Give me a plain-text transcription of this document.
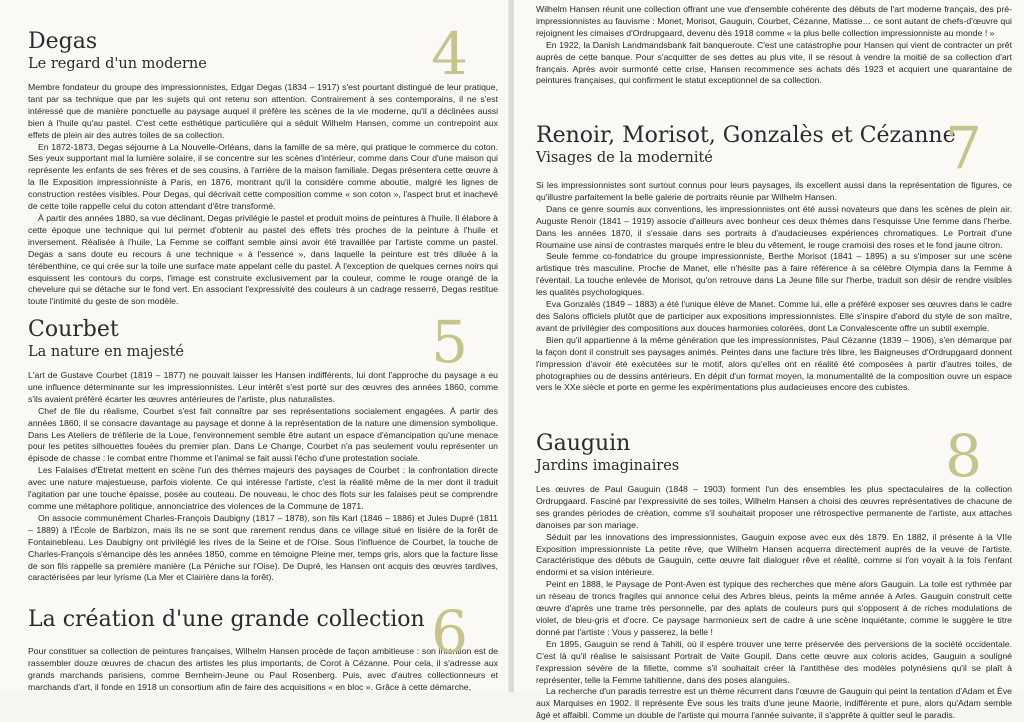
Degas
Le regard d'un moderne	4

Membre fondateur du groupe des impressionnistes, Edgar Degas (1834 – 1917) s'est pourtant distingué de leur pratique, tant par sa technique que par les sujets qui ont retenu son attention. Contrairement à ses contemporains, il ne s'est intéressé que de manière ponctuelle au paysage auquel il préfère les scènes de la vie moderne, qu'il a déclinées aussi bien à l'huile qu'au pastel. C'est cette esthétique particulière qui a séduit Wilhelm Hansen, comme un contrepoint aux effets de plein air des autres toiles de sa collection.

En 1872-1873, Degas séjourne à La Nouvelle-Orléans, dans la famille de sa mère, qui pratique le commerce du coton. Ses yeux supportant mal la lumière solaire, il se concentre sur les scènes d'intérieur, comme dans Cour d'une maison qui représente les enfants de ses frères et de ses cousins, à l'arrière de la maison familiale. Degas présentera cette œuvre à la IIe Exposition impressionniste à Paris, en 1876, montrant qu'il la considère comme aboutie, malgré les lignes de construction restées visibles. Pour Degas, qui décrivait cette composition comme « son coton », l'aspect brut et inachevé de cette toile rappelle celui du coton attendant d'être transformé.

À partir des années 1880, sa vue déclinant, Degas privilégie le pastel et produit moins de peintures à l'huile. Il élabore à cette époque une technique qui lui permet d'obtenir au pastel des effets très proches de la peinture à l'huile et inversement. Réalisée à l'huile, La Femme se coiffant semble ainsi avoir été travaillée par l'artiste comme un pastel. Degas a sans doute eu recours à une technique « à l'essence », dans laquelle la peinture est très diluée à la térébenthine, ce qui crée sur la toile une surface mate appelant celle du pastel. À l'exception de quelques cernes noirs qui esquissent les contours du corps, l'image est construite exclusivement par la couleur, comme le rouge orangé de la chevelure qui se détache sur le fond vert. En associant l'expressivité des couleurs à un cadrage resserré, Degas restitue toute l'intimité du geste de son modèle.

Courbet
La nature en majesté	5

L'art de Gustave Courbet (1819 – 1877) ne pouvait laisser les Hansen indifférents, lui dont l'approche du paysage a eu une influence déterminante sur les impressionnistes. Leur intérêt s'est porté sur des œuvres des années 1860, comme s'ils avaient préféré écarter les œuvres antérieures de l'artiste, plus naturalistes.

Chef de file du réalisme, Courbet s'est fait connaître par ses représentations socialement engagées. À partir des années 1860, il se consacre davantage au paysage et donne à la représentation de la nature une dimension symbolique. Dans Les Ateliers de tréfilerie de la Loue, l'environnement semble être autant un espace d'émancipation qu'une menace pour les petites silhouettes fouées du premier plan. Dans Le Change, Courbet n'a pas seulement voulu représenter un épisode de chasse : le combat entre l'homme et l'animal se fait aussi l'écho d'une protestation sociale.

Les Falaises d'Étretat mettent en scène l'un des thèmes majeurs des paysages de Courbet : la confrontation directe avec une nature majestueuse, parfois violente. Ce qui intéresse l'artiste, c'est la réalité même de la mer dont il traduit l'agitation par une touche épaisse, posée au couteau. De nouveau, le choc des flots sur les falaises peut se comprendre comme une métaphore politique, annonciatrice des violences de la Commune de 1871.

On associe communément Charles-François Daubigny (1817 – 1878), son fils Karl (1846 – 1886) et Jules Dupré (1811 – 1889) à l'École de Barbizon, mais ils ne se sont que rarement rendus dans ce village situé en lisière de la forêt de Fontainebleau. Les Daubigny ont privilégié les rives de la Seine et de l'Oise. Sous l'influence de Courbet, la touche de Charles-François s'émancipe dès les années 1850, comme en témoigne Pleine mer, temps gris, alors que la facture lisse de son fils rappelle sa première manière (La Péniche sur l'Oise). De Dupré, les Hansen ont acquis des œuvres tardives, caractérisées par leur lyrisme (La Mer et Clairière dans la forêt).

La création d'une grande collection 6

Pour constituer sa collection de peintures françaises, Wilhelm Hansen procède de façon ambitieuse : son intention est de rassembler douze œuvres de chacun des artistes les plus importants, de Corot à Cézanne. Pour cela, il s'adresse aux grands marchands parisiens, comme Bernheim-Jeune ou Paul Rosenberg. Puis, avec d'autres collectionneurs et marchands d'art, il fonde en 1918 un consortium afin de faire des acquisitions « en bloc ». Grâce à cette démarche,

Wilhelm Hansen réunit une collection offrant une vue d'ensemble cohérente des débuts de l'art moderne français, des pré-impressionnistes au fauvisme : Monet, Morisot, Gauguin, Courbet, Cézanne, Matisse… ce sont autant de chefs-d'œuvre qui rejoignent les cimaises d'Ordrupgaard, devenu dès 1918 comme « la plus belle collection impressionniste au monde ! »

En 1922, la Danish Landmandsbank fait banqueroute. C'est une catastrophe pour Hansen qui vient de contracter un prêt auprès de cette banque. Pour s'acquitter de ses dettes au plus vite, il se résout à vendre la moitié de sa collection d'art français. Après avoir surmonté cette crise, Hansen recommence ses achats dès 1923 et acquiert une quarantaine de peintures françaises, qui confirment le statut exceptionnel de sa collection.

Renoir, Morisot, Gonzalès et Cézanne
Visages de la modernité	7

Si les impressionnistes sont surtout connus pour leurs paysages, ils excellent aussi dans la représentation de figures, ce qu'illustre parfaitement la belle galerie de portraits réunie par Wilhelm Hansen.

Dans ce genre soumis aux conventions, les impressionnistes ont été aussi novateurs que dans les scènes de plein air. Auguste Renoir (1841 – 1919) associe d'ailleurs avec bonheur ces deux thèmes dans l'esquisse Une femme dans l'herbe. Dans les années 1870, il s'essaie dans ses portraits à d'audacieuses expériences chromatiques. Le Portrait d'une Roumaine use ainsi de contrastes marqués entre le bleu du vêtement, le rouge cramoisi des roses et le fond jaune citron.

Seule femme co-fondatrice du groupe impressionniste, Berthe Morisot (1841 – 1895) a su s'imposer sur une scène artistique très masculine. Proche de Manet, elle n'hésite pas à faire référence à sa célèbre Olympia dans la Femme à l'éventail. La touche enlevée de Morisot, qu'on retrouve dans La Jeune fille sur l'herbe, traduit son désir de rendre visibles les qualités psychologiques.

Eva Gonzalès (1849 – 1883) a été l'unique élève de Manet. Comme lui, elle a préféré exposer ses œuvres dans le cadre des Salons officiels plutôt que de participer aux expositions impressionnistes. Elle s'inspire d'abord du style de son maître, avant de privilégier des compositions aux douces harmonies colorées, dont La Convalescente offre un subtil exemple.

Bien qu'il appartienne à la même génération que les impressionnistes, Paul Cézanne (1839 – 1906), s'en démarque par la façon dont il construit ses paysages animés. Peintes dans une facture très libre, les Baigneuses d'Ordrupgaard donnent l'impression d'avoir été exécutées sur le motif, alors qu'elles ont en réalité été composées à partir d'autres toiles, de photographies ou de dessins antérieurs. En dépit d'un format moyen, la monumentalité de la composition ouvre un espace vers le XXe siècle et porte en germe les expérimentations plus audacieuses encore des cubistes.

Gauguin
Jardins imaginaires	8

Les œuvres de Paul Gauguin (1848 – 1903) forment l'un des ensembles les plus spectaculaires de la collection Ordrupgaard. Fasciné par l'expressivité de ses toiles, Wilhelm Hansen a choisi des œuvres représentatives de chacune de ses grandes périodes de création, comme s'il souhaitait proposer une rétrospective permanente de l'artiste, aux attaches danoises par son mariage.

Séduit par les innovations des impressionnistes, Gauguin expose avec eux dès 1879. En 1882, il présente à la VIIe Exposition impressionniste La petite rêve, que Wilhelm Hansen acquerra directement auprès de la veuve de l'artiste. Caractéristique des débuts de Gauguin, cette œuvre fait dialoguer rêve et réalité, comme si l'on voyait à la fois l'enfant endormi et sa vision intérieure.

Peint en 1888, le Paysage de Pont-Aven est typique des recherches que mène alors Gauguin. La toile est rythmée par un réseau de troncs fragiles qui annonce celui des Arbres bleus, peints la même année à Arles. Gauguin construit cette œuvre d'après une trame très personnelle, par des aplats de couleurs purs qui s'opposent à de riches modulations de violet, de bleu-gris et d'ocre. Ce paysage harmonieux sert de cadre à une scène inquiétante, comme le suggère le titre donné par l'artiste : Vous y passerez, la belle !

En 1895, Gauguin se rend à Tahiti, où il espère trouver une terre préservée des perversions de la société occidentale. C'est là qu'il réalise le saisissant Portrait de Vaite Goupil. Dans cette œuvre aux coloris acides, Gauguin a souligné l'expression sévère de la fillette, comme s'il souhaitait créer là l'antithèse des modèles polynésiens qu'il se plaît à représenter, telle la Femme tahitienne, dans des poses alanguies.

La recherche d'un paradis terrestre est un thème récurrent dans l'œuvre de Gauguin qui peint la tentation d'Adam et Ève aux Marquises en 1902. Il représente Ève sous les traits d'une jeune Maorie, indifférente et pure, alors qu'Adam semble âgé et affaibli. Comme un double de l'artiste qui mourra l'année suivante, il s'apprête à quitter seul le paradis.
